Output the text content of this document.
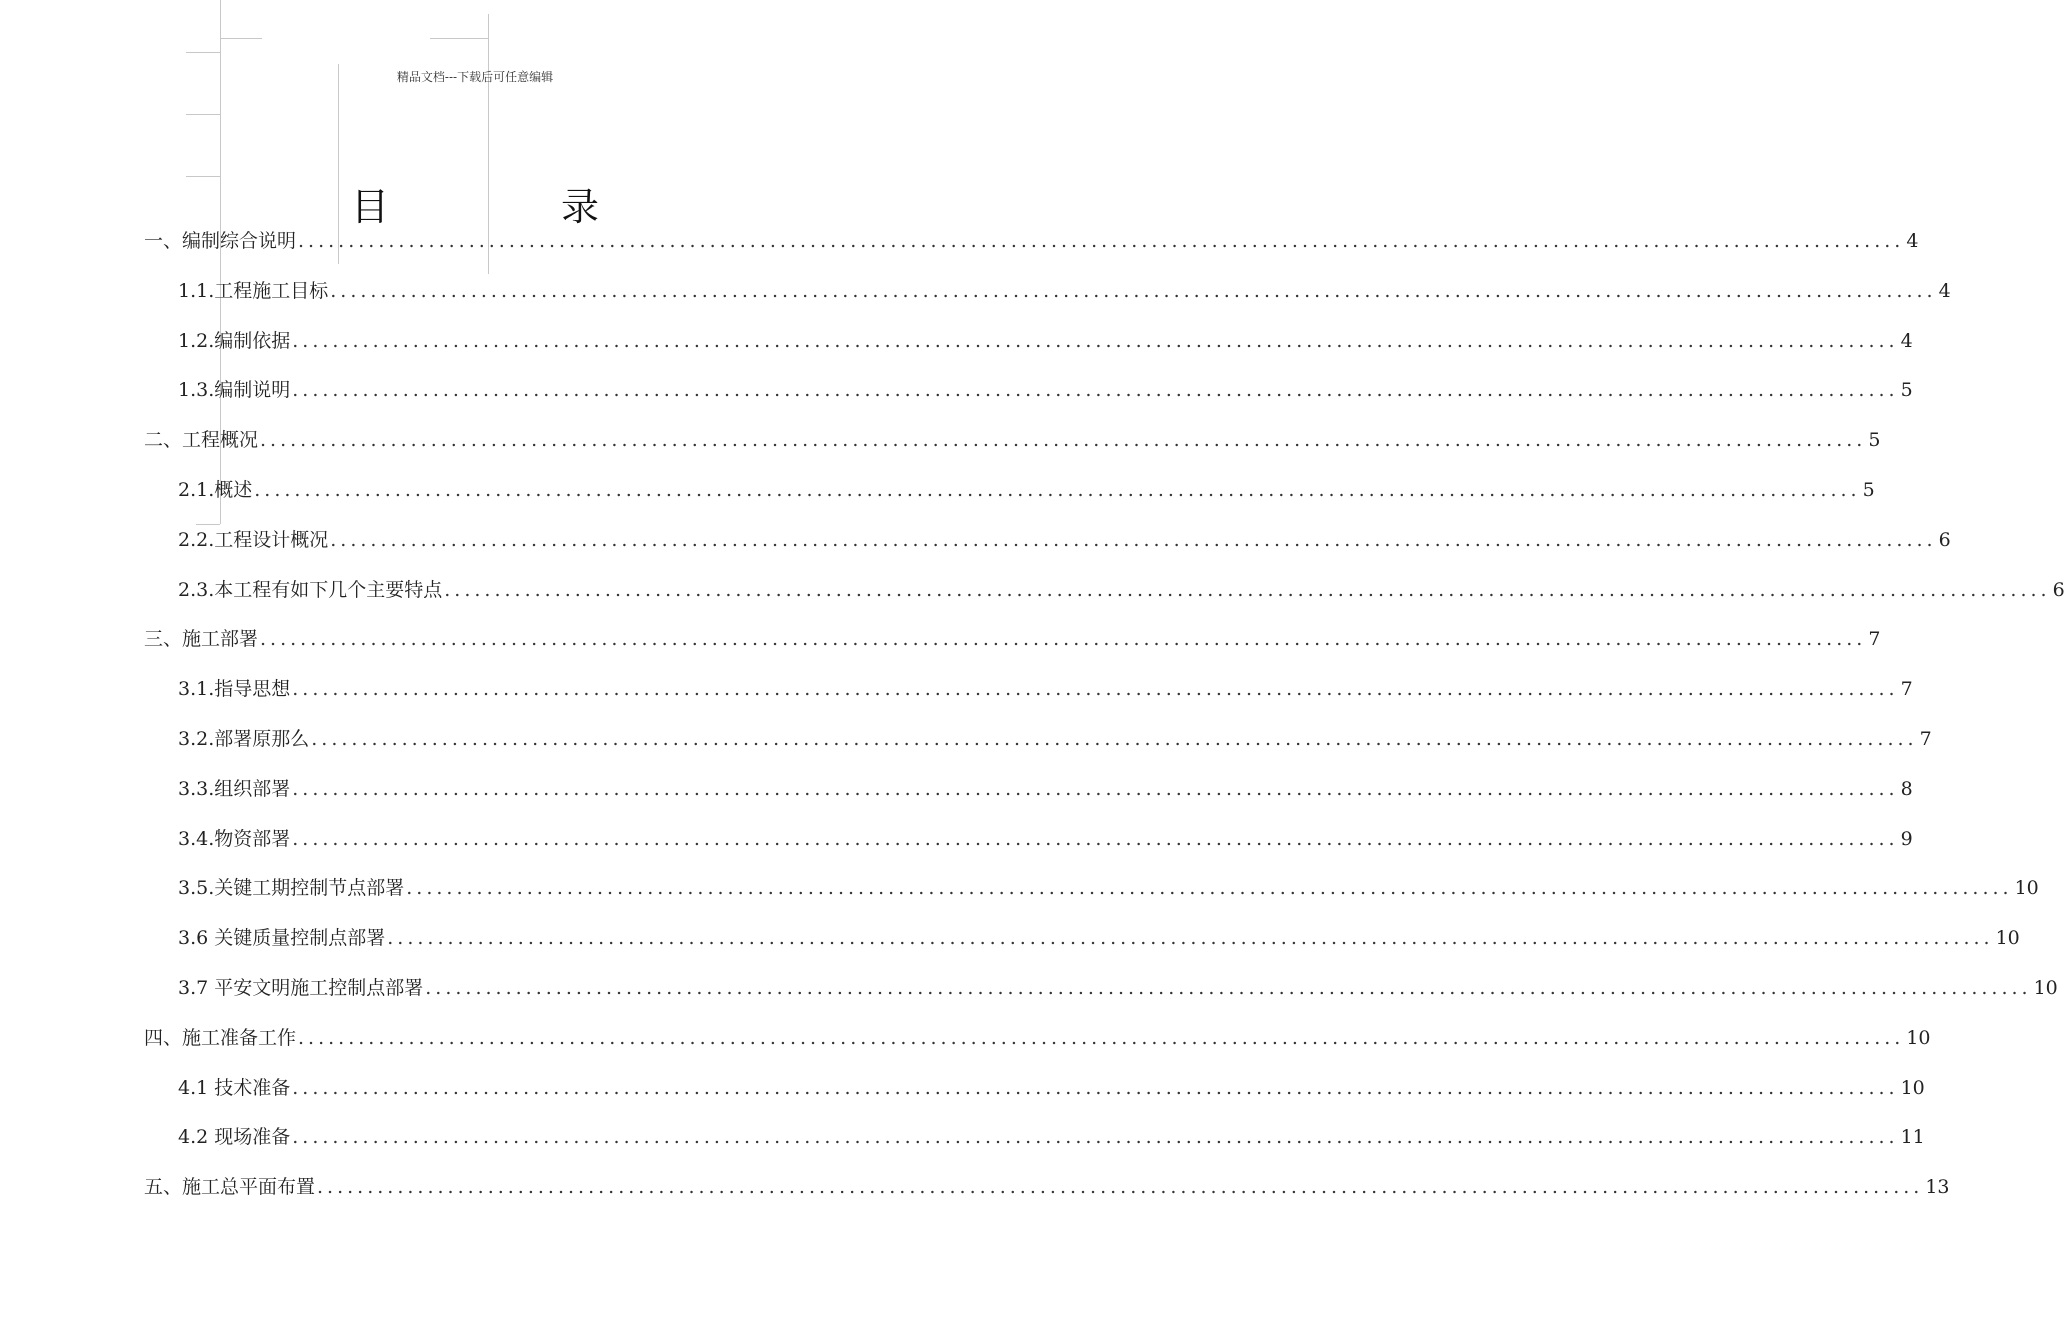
精品文档---下载后可任意编辑
目 录
一、编制综合说明 ................................................................................................................................................................ 4
1.1.工程施工目标 ................................................................................................................................................................ 4
1.2.编制依据 ................................................................................................................................................................ 4
1.3.编制说明 ................................................................................................................................................................ 5
二、工程概况 ................................................................................................................................................................ 5
2.1.概述 ................................................................................................................................................................ 5
2.2.工程设计概况 ................................................................................................................................................................ 6
2.3.本工程有如下几个主要特点 ................................................................................................................................................................ 6
三、施工部署 ................................................................................................................................................................ 7
3.1.指导思想 ................................................................................................................................................................ 7
3.2.部署原那么 ................................................................................................................................................................ 7
3.3.组织部署 ................................................................................................................................................................ 8
3.4.物资部署 ................................................................................................................................................................ 9
3.5.关键工期控制节点部署 ................................................................................................................................................................ 10
3.6 关键质量控制点部署 ................................................................................................................................................................ 10
3.7 平安文明施工控制点部署 ................................................................................................................................................................ 10
四、施工准备工作 ................................................................................................................................................................ 10
4.1 技术准备 ................................................................................................................................................................ 10
4.2 现场准备 ................................................................................................................................................................ 11
五、施工总平面布置 ................................................................................................................................................................ 13
